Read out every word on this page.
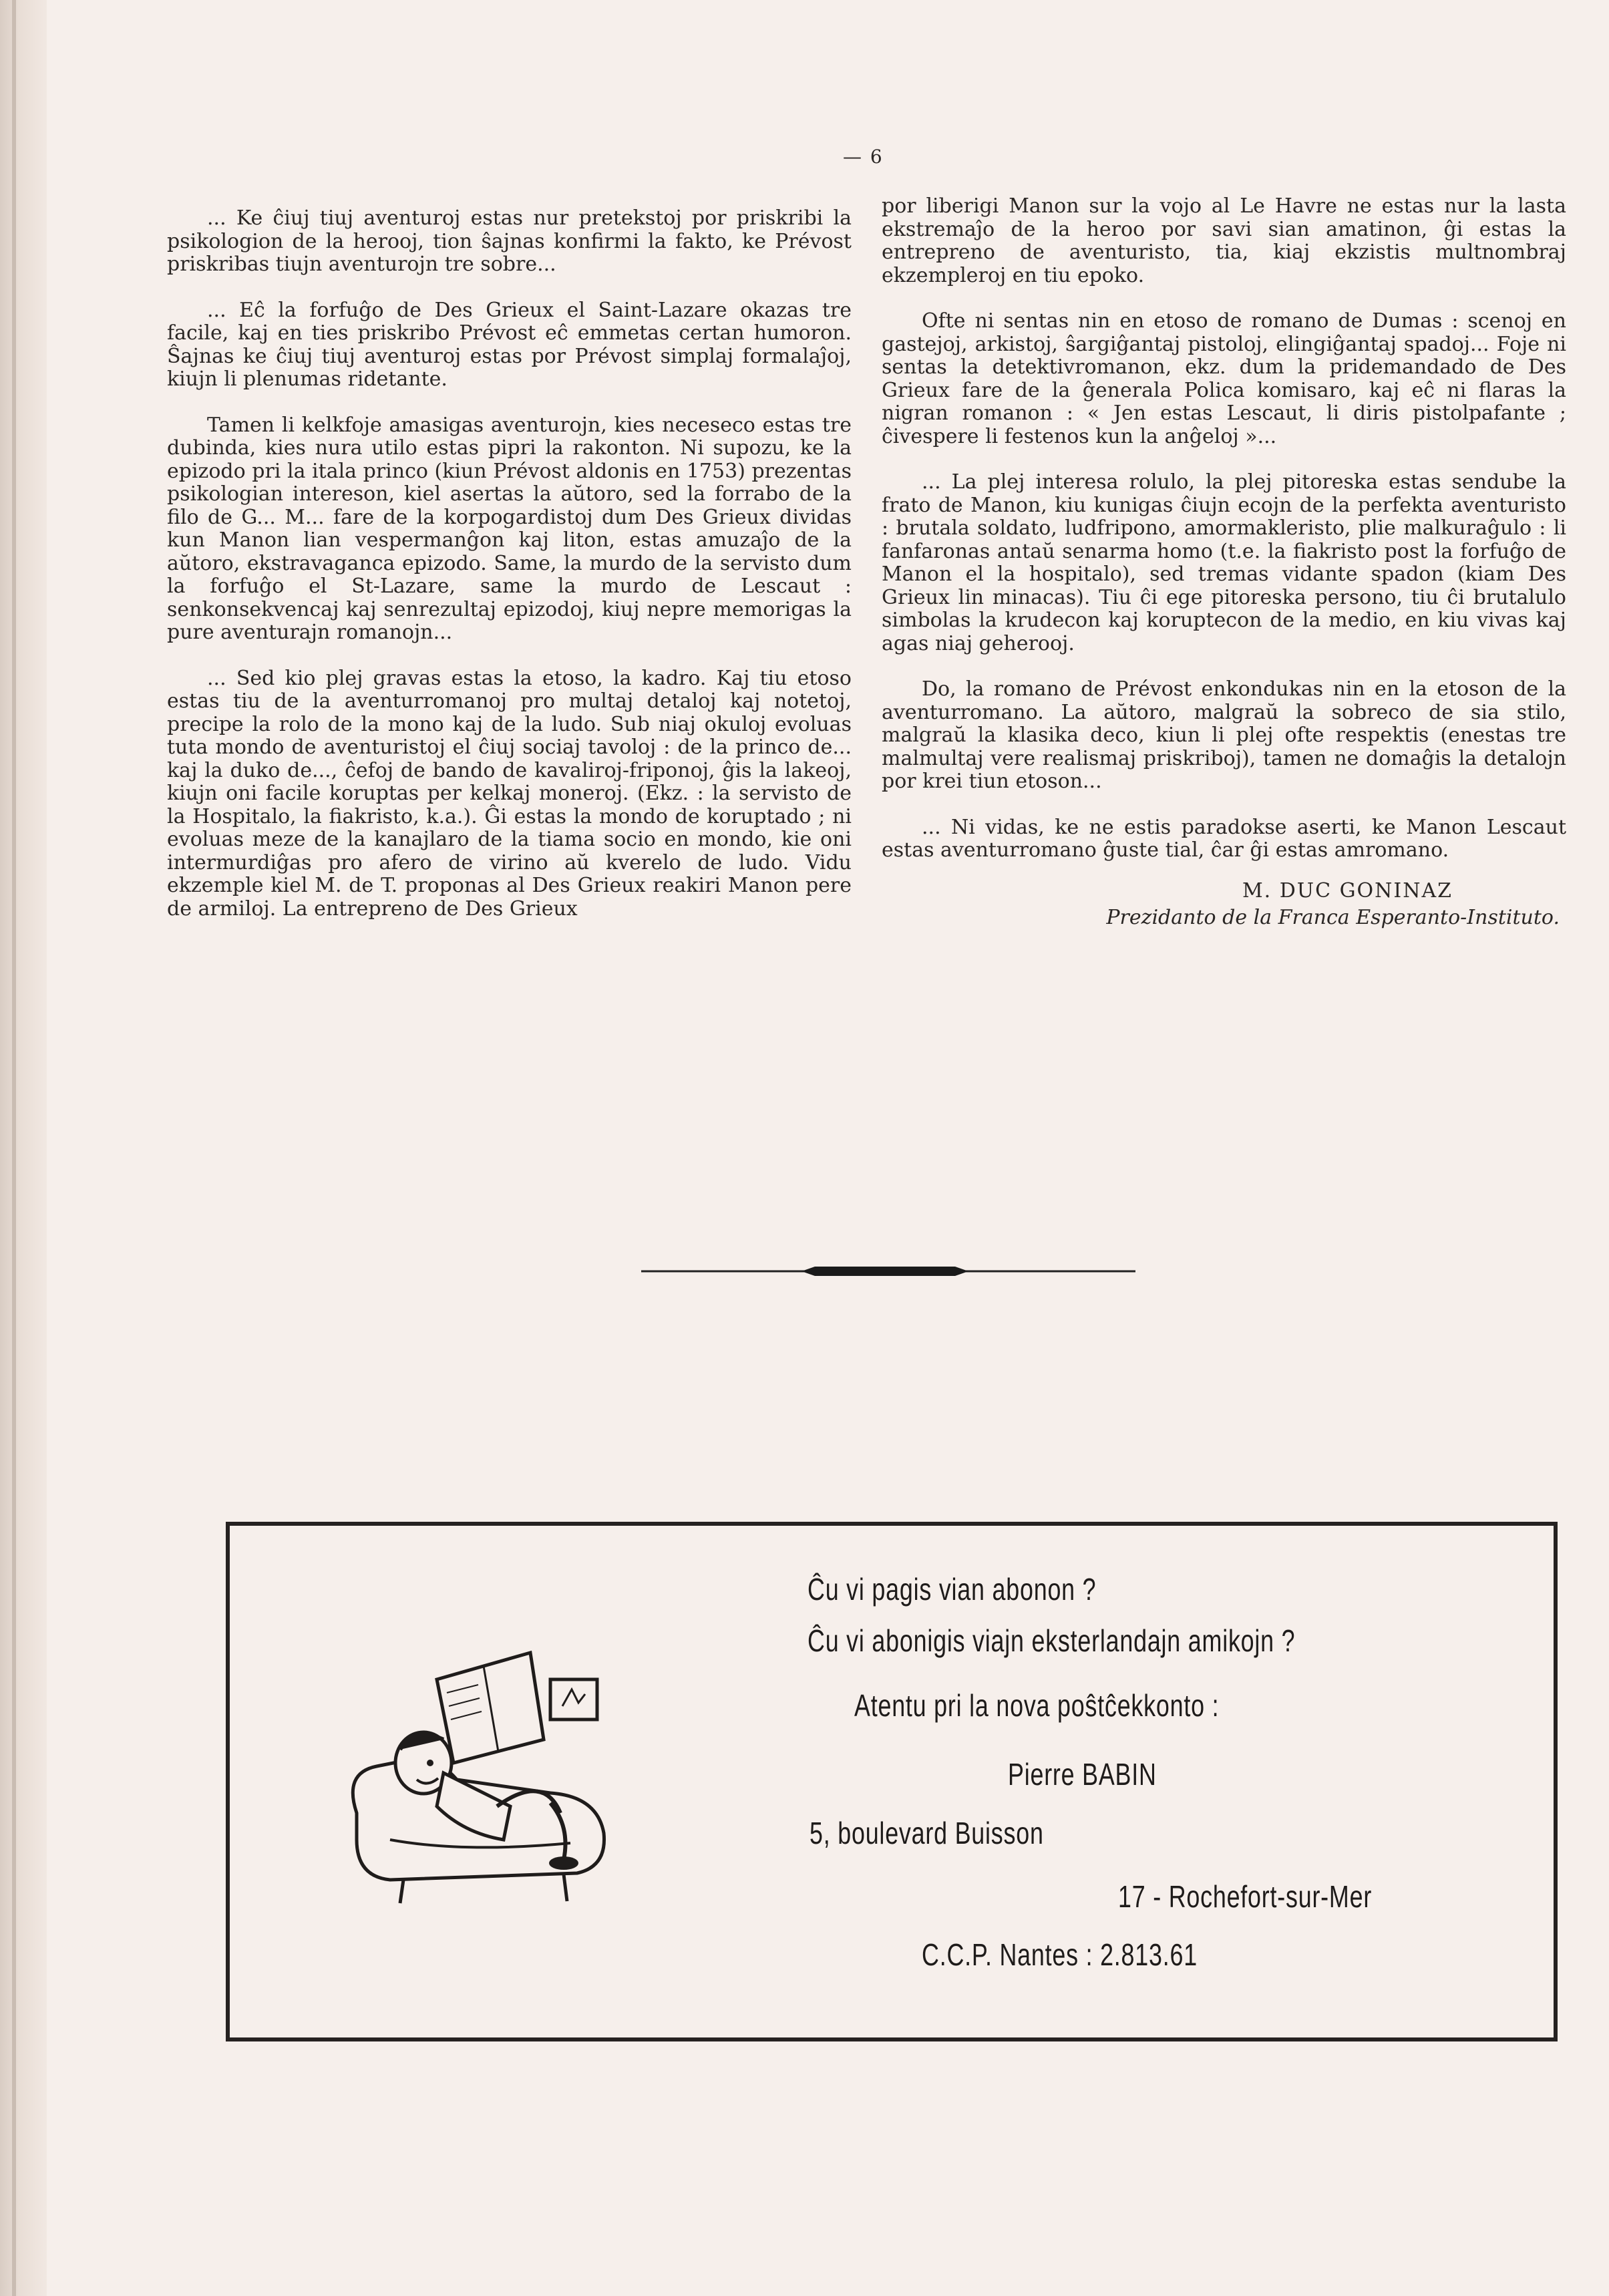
— 6

... Ke ĉiuj tiuj aventuroj estas nur pretekstoj por priskribi la psikologion de la herooj, tion ŝajnas konfirmi la fakto, ke Prévost priskribas tiujn aventurojn tre sobre...

... Eĉ la forfuĝo de Des Grieux el Saint-Lazare okazas tre facile, kaj en ties priskribo Prévost eĉ emmetas certan humoron. Ŝajnas ke ĉiuj tiuj aventuroj estas por Prévost simplaj formalaĵoj, kiujn li plenumas ridetante.

Tamen li kelkfoje amasigas aventurojn, kies neceseco estas tre dubinda, kies nura utilo estas pipri la rakonton. Ni supozu, ke la epizodo pri la itala princo (kiun Prévost aldonis en 1753) prezentas psikologian intereson, kiel asertas la aŭtoro, sed la forrabo de la filo de G... M... fare de la korpogardistoj dum Des Grieux dividas kun Manon lian vespermanĝon kaj liton, estas amuzaĵo de la aŭtoro, ekstravaganca epizodo. Same, la murdo de la servisto dum la forfuĝo el St-Lazare, same la murdo de Lescaut : senkonsekvencaj kaj senrezultaj epizodoj, kiuj nepre memorigas la pure aventurajn romanojn...

... Sed kio plej gravas estas la etoso, la kadro. Kaj tiu etoso estas tiu de la aventurromanoj pro multaj detaloj kaj notetoj, precipe la rolo de la mono kaj de la ludo. Sub niaj okuloj evoluas tuta mondo de aventuristoj el ĉiuj sociaj tavoloj : de la princo de... kaj la duko de..., ĉefoj de bando de kavaliroj-friponoj, ĝis la lakeoj, kiujn oni facile koruptas per kelkaj moneroj. (Ekz. : la servisto de la Hospitalo, la fiakristo, k.a.). Ĝi estas la mondo de koruptado ; ni evoluas meze de la kanajlaro de la tiama socio en mondo, kie oni intermurdiĝas pro afero de virino aŭ kverelo de ludo. Vidu ekzemple kiel M. de T. proponas al Des Grieux reakiri Manon pere de armiloj. La entrepreno de Des Grieux

por liberigi Manon sur la vojo al Le Havre ne estas nur la lasta ekstremaĵo de la heroo por savi sian amatinon, ĝi estas la entrepreno de aventuristo, tia, kiaj ekzistis multnombraj ekzempleroj en tiu epoko.

Ofte ni sentas nin en etoso de romano de Dumas : scenoj en gastejoj, arkistoj, ŝargiĝantaj pistoloj, elingiĝantaj spadoj... Foje ni sentas la detektivromanon, ekz. dum la pridemandado de Des Grieux fare de la ĝenerala Polica komisaro, kaj eĉ ni flaras la nigran romanon : « Jen estas Lescaut, li diris pistolpafante ; ĉivespere li festenos kun la anĝeloj »...

... La plej interesa rolulo, la plej pitoreska estas sendube la frato de Manon, kiu kunigas ĉiujn ecojn de la perfekta aventuristo : brutala soldato, ludfripono, amormakleristo, plie malkuraĝulo : li fanfaronas antaŭ senarma homo (t.e. la fiakristo post la forfuĝo de Manon el la hospitalo), sed tremas vidante spadon (kiam Des Grieux lin minacas). Tiu ĉi ege pitoreska persono, tiu ĉi brutalulo simbolas la krudecon kaj koruptecon de la medio, en kiu vivas kaj agas niaj geherooj.

Do, la romano de Prévost enkondukas nin en la etoson de la aventurromano. La aŭtoro, malgraŭ la sobreco de sia stilo, malgraŭ la klasika deco, kiun li plej ofte respektis (enestas tre malmultaj vere realismaj priskriboj), tamen ne domaĝis la detalojn por krei tiun etoson...

... Ni vidas, ke ne estis paradokse aserti, ke Manon Lescaut estas aventurromano ĝuste tial, ĉar ĝi estas amromano.

M. DUC GONINAZ

Prezidanto de la Franca Esperanto-Instituto.

Ĉu vi pagis vian abonon ?
Ĉu vi abonigis viajn eksterlandajn amikojn ?
Atentu pri la nova poŝtĉekkonto :
Pierre BABIN
5, boulevard Buisson
17 - Rochefort-sur-Mer
C.C.P. Nantes : 2.813.61
